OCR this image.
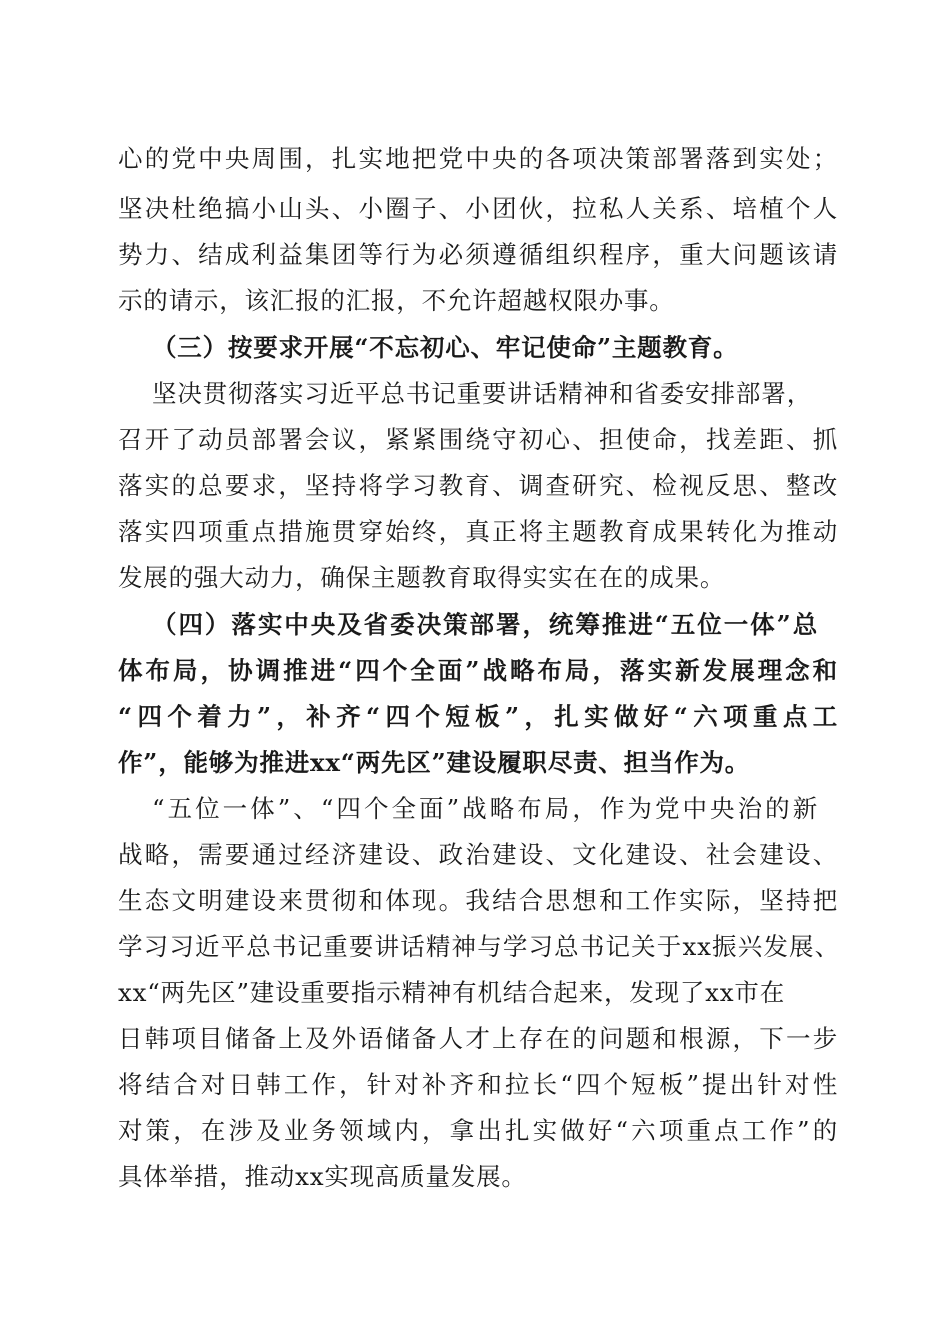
心的党中央周围，扎实地把党中央的各项决策部署落到实处；
坚决杜绝搞小山头、小圈子、小团伙，拉私人关系、培植个人
势力、结成利益集团等行为必须遵循组织程序，重大问题该请
示的请示，该汇报的汇报，不允许超越权限办事。
（三）按要求开展“不忘初心、牢记使命”主题教育。
坚决贯彻落实习近平总书记重要讲话精神和省委安排部署，
召开了动员部署会议，紧紧围绕守初心、担使命，找差距、抓
落实的总要求，坚持将学习教育、调查研究、检视反思、整改
落实四项重点措施贯穿始终，真正将主题教育成果转化为推动
发展的强大动力，确保主题教育取得实实在在的成果。
（四）落实中央及省委决策部署，统筹推进“五位一体”总
体布局，协调推进“四个全面”战略布局，落实新发展理念和
“四个着力”，补齐“四个短板”，扎实做好“六项重点工
作”，能够为推进xx“两先区”建设履职尽责、担当作为。
“五位一体”、“四个全面”战略布局，作为党中央治的新
战略，需要通过经济建设、政治建设、文化建设、社会建设、
生态文明建设来贯彻和体现。我结合思想和工作实际，坚持把
学习习近平总书记重要讲话精神与学习总书记关于xx振兴发展、
xx“两先区”建设重要指示精神有机结合起来，发现了xx市在
日韩项目储备上及外语储备人才上存在的问题和根源，下一步
将结合对日韩工作，针对补齐和拉长“四个短板”提出针对性
对策，在涉及业务领域内，拿出扎实做好“六项重点工作”的
具体举措，推动xx实现高质量发展。
